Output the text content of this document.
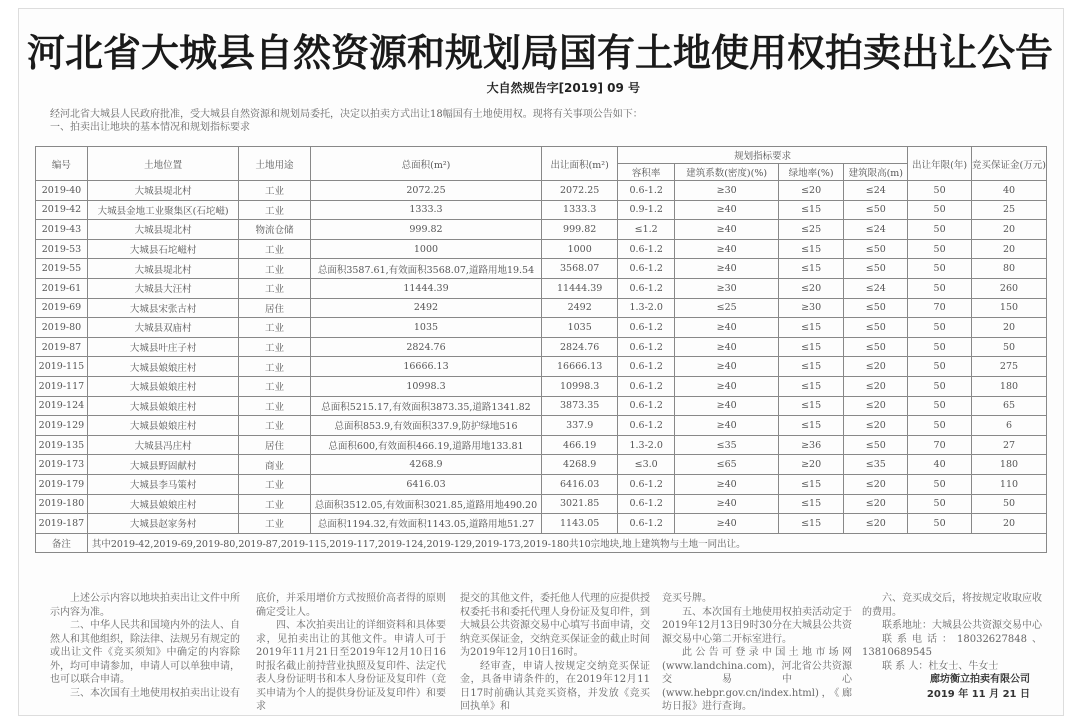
河北省大城县自然资源和规划局国有土地使用权拍卖出让公告
大自然规告字[2019] 09 号
经河北省大城县人民政府批准，受大城县自然资源和规划局委托，决定以拍卖方式出让18幅国有土地使用权。现将有关事项公告如下：
一、拍卖出让地块的基本情况和规划指标要求
编号	土地位置	土地用途	总面积(m²)	出让面积(m²)	规划指标要求				出让年限(年)	竞买保证金(万元)
					容积率	建筑系数(密度)(%)	绿地率(%)	建筑限高(m)		
2019-40	大城县堤北村	工业	2072.25	2072.25	0.6-1.2	≥30	≤20	≤24	50	40
2019-42	大城县金地工业聚集区(石坨嵫)	工业	1333.3	1333.3	0.9-1.2	≥40	≤15	≤50	50	25
2019-43	大城县堤北村	物流仓储	999.82	999.82	≤1.2	≥40	≤25	≤24	50	20
2019-53	大城县石坨嵫村	工业	1000	1000	0.6-1.2	≥40	≤15	≤50	50	20
2019-55	大城县堤北村	工业	总面积3587.61,有效面积3568.07,道路用地19.54	3568.07	0.6-1.2	≥40	≤15	≤50	50	80
2019-61	大城县大汪村	工业	11444.39	11444.39	0.6-1.2	≥30	≤20	≤24	50	260
2019-69	大城县宋张古村	居住	2492	2492	1.3-2.0	≤25	≥30	≤50	70	150
2019-80	大城县双庙村	工业	1035	1035	0.6-1.2	≥40	≤15	≤50	50	20
2019-87	大城县叶庄子村	工业	2824.76	2824.76	0.6-1.2	≥40	≤15	≤50	50	50
2019-115	大城县娘娘庄村	工业	16666.13	16666.13	0.6-1.2	≥40	≤15	≤20	50	275
2019-117	大城县娘娘庄村	工业	10998.3	10998.3	0.6-1.2	≥40	≤15	≤20	50	180
2019-124	大城县娘娘庄村	工业	总面积5215.17,有效面积3873.35,道路1341.82	3873.35	0.6-1.2	≥40	≤15	≤20	50	65
2019-129	大城县娘娘庄村	工业	总面积853.9,有效面积337.9,防护绿地516	337.9	0.6-1.2	≥40	≤15	≤20	50	6
2019-135	大城县冯庄村	居住	总面积600,有效面积466.19,道路用地133.81	466.19	1.3-2.0	≤35	≥36	≤50	70	27
2019-173	大城县野固献村	商业	4268.9	4268.9	≤3.0	≤65	≥20	≤35	40	180
2019-179	大城县李马策村	工业	6416.03	6416.03	0.6-1.2	≥40	≤15	≤20	50	110
2019-180	大城县娘娘庄村	工业	总面积3512.05,有效面积3021.85,道路用地490.20	3021.85	0.6-1.2	≥40	≤15	≤20	50	50
2019-187	大城县赵家务村	工业	总面积1194.32,有效面积1143.05,道路用地51.27	1143.05	0.6-1.2	≥40	≤15	≤20	50	20
备注	其中2019-42,2019-69,2019-80,2019-87,2019-115,2019-117,2019-124,2019-129,2019-173,2019-180共10宗地块,地上建筑物与土地一同出让。									

上述公示内容以地块拍卖出让文件中所示内容为准。

二、中华人民共和国境内外的法人、自然人和其他组织，除法律、法规另有规定的或出让文件《竞买须知》中确定的内容除外，均可申请参加，申请人可以单独申请，也可以联合申请。

三、本次国有土地使用权拍卖出让设有

底价，并采用增价方式按照价高者得的原则确定受让人。

四、本次拍卖出让的详细资料和具体要求，见拍卖出让的其他文件。申请人可于2019年11月21日至2019年12月10日16时报名截止前持营业执照及复印件、法定代表人身份证明书和本人身份证及复印件（竞买申请为个人的提供身份证及复印件）和要求

提交的其他文件，委托他人代理的应提供授权委托书和委托代理人身份证及复印件，到大城县公共资源交易中心填写书面申请，交纳竞买保证金，交纳竞买保证金的截止时间为2019年12月10日16时。

经审查，申请人按规定交纳竞买保证金，具备申请条件的，在2019年12月11日17时前确认其竞买资格，并发放《竞买回执单》和

竞买号牌。

五、本次国有土地使用权拍卖活动定于2019年12月13日9时30分在大城县公共资源交易中心第二开标室进行。

此公告可登录中国土地市场网(www.landchina.com)，河北省公共资源交易中心(www.hebpr.gov.cn/index.html)，《廊坊日报》进行查询。

六、竞买成交后，将按规定收取应收的费用。

联系地址：大城县公共资源交易中心

联系电话：18032627848、13810689545

联 系 人：杜女士、牛女士

廊坊衡立拍卖有限公司
2019 年 11 月 21 日
